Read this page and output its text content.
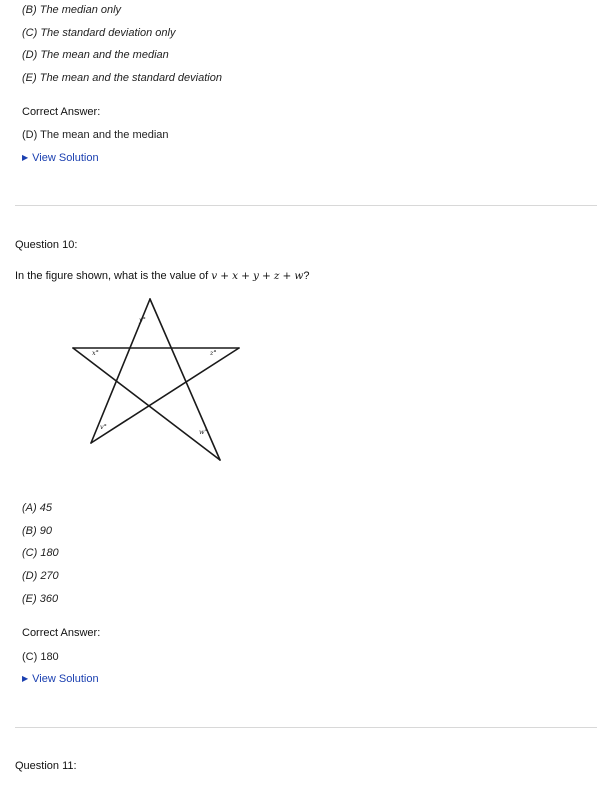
(B) The median only
(C) The standard deviation only
(D) The mean and the median
(E) The mean and the standard deviation
Correct Answer:
(D) The mean and the median
▶ View Solution
Question 10:
In the figure shown, what is the value of v + x + y + z + w?
y°
x°	z°
v°
w°
(A) 45
(B) 90
(C) 180
(D) 270
(E) 360
Correct Answer:
(C) 180
▶ View Solution
Question 11:
